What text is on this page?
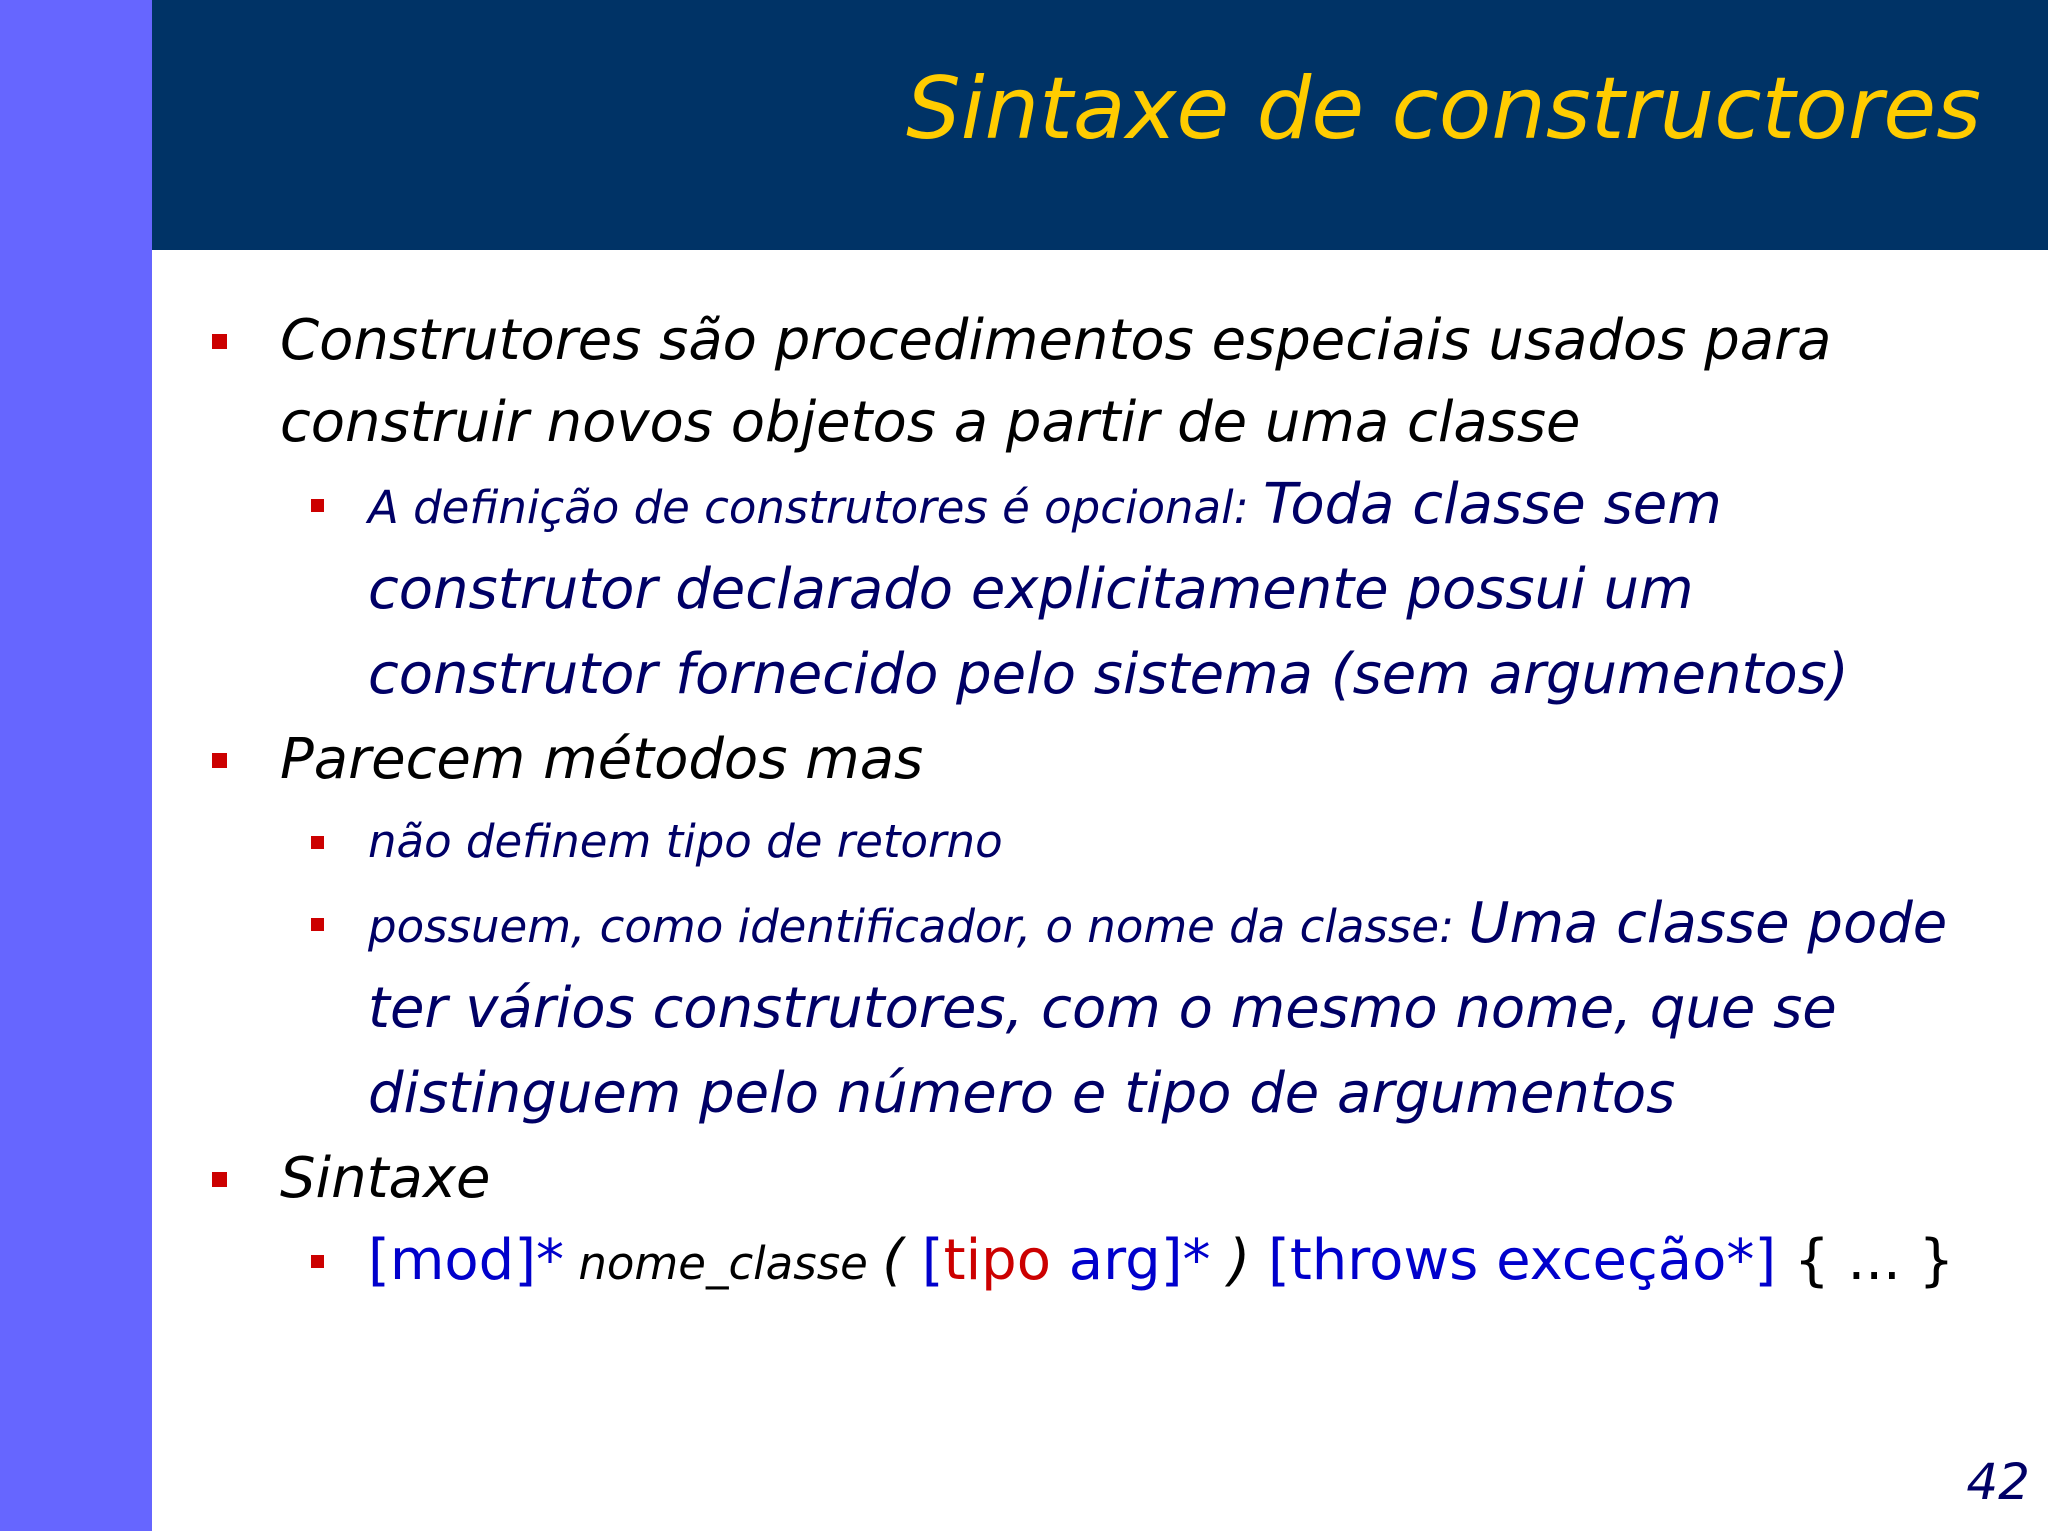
Sintaxe de constructores
Construtores são procedimentos especiais usados para construir novos objetos a partir de uma classe
A definição de construtores é opcional: Toda classe sem construtor declarado explicitamente possui um construtor fornecido pelo sistema (sem argumentos)
Parecem métodos mas
não definem tipo de retorno
possuem, como identificador, o nome da classe: Uma classe pode ter vários construtores, com o mesmo nome, que se distinguem pelo número e tipo de argumentos
Sintaxe
[mod]* nome_classe ( [tipo arg]* ) [throws exceção*] { ... }
42
